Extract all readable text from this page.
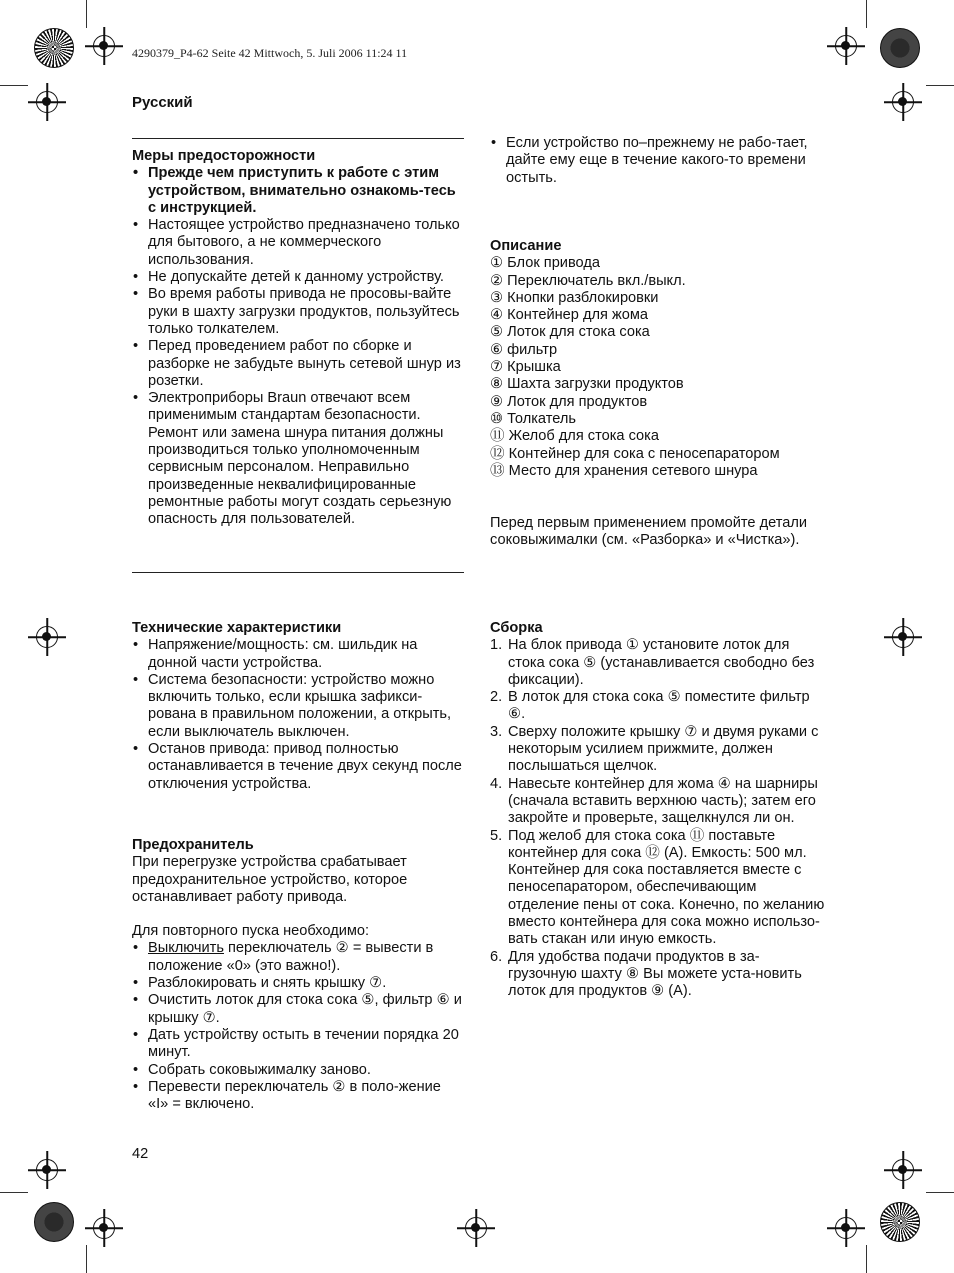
4290379_P4-62 Seite 42 Mittwoch, 5. Juli 2006 11:24 11
Русский
Меры предосторожности
• Прежде чем приступить к работе с этим устройством, внимательно ознакомь-тесь с инструкцией.
• Настоящее устройство предназначено только для бытового, а не коммерческого использования.
• Не допускайте детей к данному устройству.
• Во время работы привода не просовы-вайте руки в шахту загрузки продуктов, пользуйтесь только толкателем.
• Перед проведением работ по сборке и разборке не забудьте вынуть сетевой шнур из розетки.
• Электроприборы Braun отвечают всем применимым стандартам безопасности. Ремонт или замена шнура питания должны производиться только уполномоченным сервисным персоналом. Неправильно произведенные неквалифицированные ремонтные работы могут создать серьезную опасность для пользователей.
Технические характеристики
• Напряжение/мощность: см. шильдик на донной части устройства.
• Система безопасности: устройство можно включить только, если крышка зафикси-рована в правильном положении, а открыть, если выключатель выключен.
• Останов привода: привод полностью останавливается в течение двух секунд после отключения устройства.
Предохранитель
При перегрузке устройства срабатывает предохранительное устройство, которое останавливает работу привода.
Для повторного пуска необходимо:
• Выключить переключатель ② = вывести в положение «0» (это важно!).
• Разблокировать и снять крышку ⑦.
• Очистить лоток для стока сока ⑤, фильтр ⑥ и крышку ⑦.
• Дать устройству остыть в течении порядка 20 минут.
• Собрать соковыжималку заново.
• Перевести переключатель ② в поло-жение «I» = включено.
• Если устройство по–прежнему не рабо-тает, дайте ему еще в течение какого-то времени остыть.
Описание
① Блок привода
② Переключатель вкл./выкл.
③ Кнопки разблокировки
④ Контейнер для жома
⑤ Лоток для стока сока
⑥ фильтр
⑦ Крышка
⑧ Шахта загрузки продуктов
⑨ Лоток для продуктов
⑩ Толкатель
⑪ Желоб для стока сока
⑫ Контейнер для сока с пеносепаратором
⑬ Место для хранения сетевого шнура
Перед первым применением промойте детали соковыжималки (см. «Разборка» и «Чистка»).
Сборка
1. На блок привода ① установите лоток для стока сока ⑤ (устанавливается свободно без фиксации).
2. В лоток для стока сока ⑤ поместите фильтр ⑥.
3. Сверху положите крышку ⑦ и двумя руками с некоторым усилием прижмите, должен послышаться щелчок.
4. Навесьте контейнер для жома ④ на шарниры (сначала вставить верхнюю часть); затем его закройте и проверьте, защелкнулся ли он.
5. Под желоб для стока сока ⑪ поставьте контейнер для сока ⑫ (A). Емкость: 500 мл. Контейнер для сока поставляется вместе с пеносепаратором, обеспечивающим отделение пены от сока. Конечно, по желанию вместо контейнера для сока можно использо-вать стакан или иную емкость.
6. Для удобства подачи продуктов в за-грузочную шахту ⑧ Вы можете уста-новить лоток для продуктов ⑨ (A).
42
